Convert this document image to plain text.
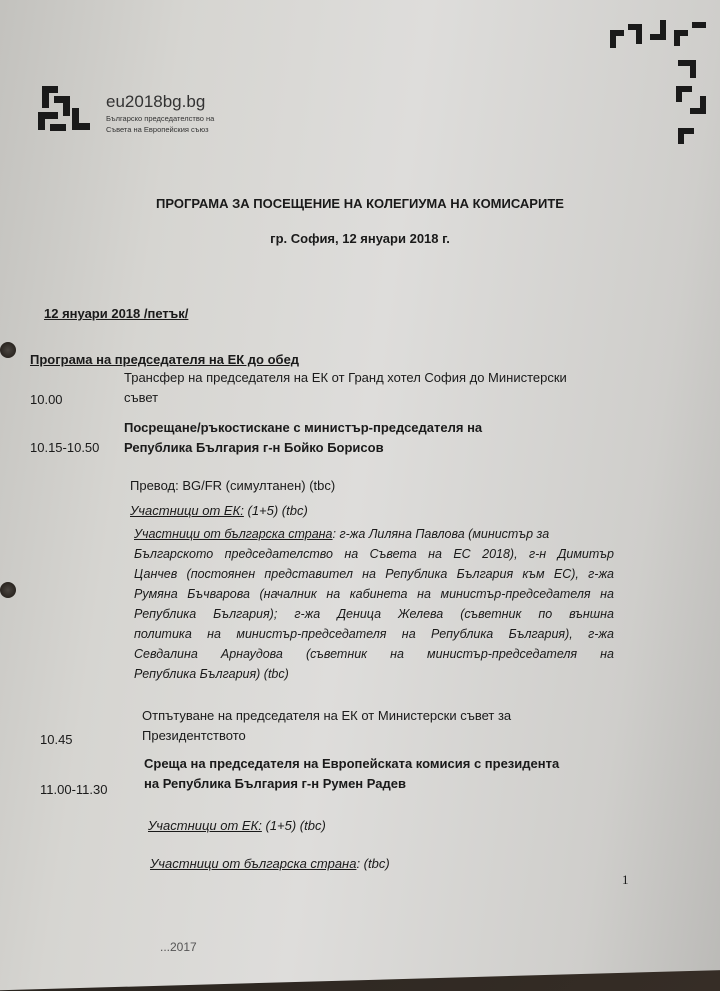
eu2018bg.bg
Българско председателство на
Съвета на Европейския съюз
ПРОГРАМА ЗА ПОСЕЩЕНИЕ НА КОЛЕГИУМА НА КОМИСАРИТЕ
гр. София, 12 януари 2018 г.
12 януари 2018 /петък/
Програма на председателя на ЕК до обед
10.00
Трансфер на председателя на ЕК от Гранд хотел София до Министерски
съвет
10.15-10.50
Посрещане/ръкостискане с министър-председателя на
Република България г-н Бойко Борисов
Превод: BG/FR (симултанен) (tbc)
Участници от ЕК: (1+5) (tbc)
Участници от българска страна: г-жа Лиляна Павлова (министър за
Българското председателство на Съвета на ЕС 2018), г-н Димитър
Цанчев (постоянен представител на Република България към ЕС), г-жа
Румяна Бъчварова (началник на кабинета на министър-председателя на
Република България); г-жа Деница Желева (съветник по външна
политика на министър-председателя на Република България), г-жа
Севдалина Арнаудова (съветник на министър-председателя на
Република България) (tbc)
10.45
Отпътуване на председателя на ЕК от Министерски съвет за
Президентството
11.00-11.30
Среща на председателя на Европейската комисия с президента
на Република България г-н Румен Радев
Участници от ЕК: (1+5) (tbc)
Участници от българска страна: (tbc)
1
...2017
